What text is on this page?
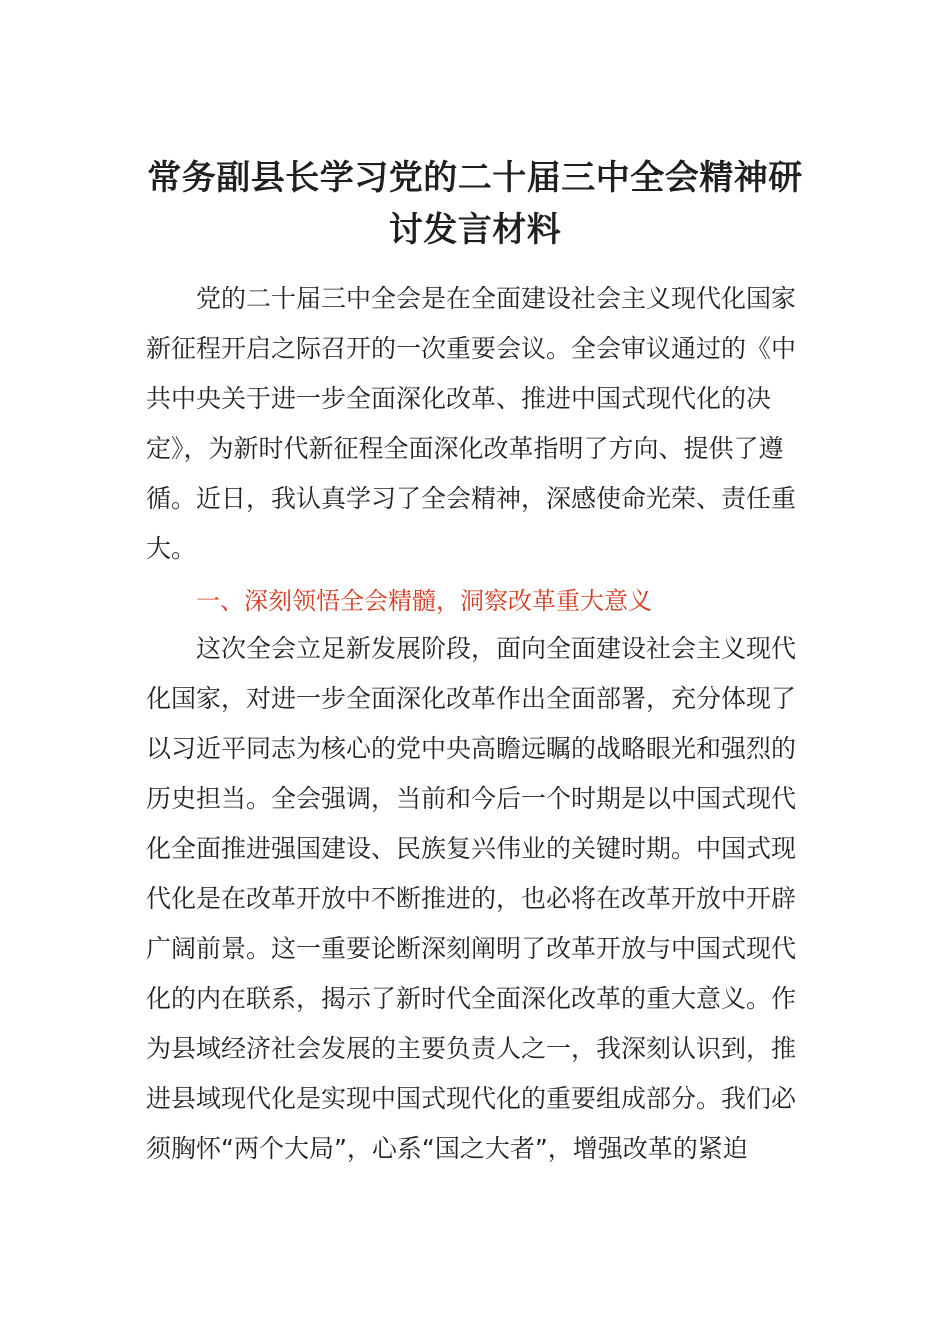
常务副县长学习党的二十届三中全会精神研
讨发言材料
党的二十届三中全会是在全面建设社会主义现代化国家
新征程开启之际召开的一次重要会议。全会审议通过的《中
共中央关于进一步全面深化改革、推进中国式现代化的决
定》，为新时代新征程全面深化改革指明了方向、提供了遵
循。近日，我认真学习了全会精神，深感使命光荣、责任重
大。
一、深刻领悟全会精髓，洞察改革重大意义
这次全会立足新发展阶段，面向全面建设社会主义现代
化国家，对进一步全面深化改革作出全面部署，充分体现了
以习近平同志为核心的党中央高瞻远瞩的战略眼光和强烈的
历史担当。全会强调，当前和今后一个时期是以中国式现代
化全面推进强国建设、民族复兴伟业的关键时期。中国式现
代化是在改革开放中不断推进的，也必将在改革开放中开辟
广阔前景。这一重要论断深刻阐明了改革开放与中国式现代
化的内在联系，揭示了新时代全面深化改革的重大意义。作
为县域经济社会发展的主要负责人之一，我深刻认识到，推
进县域现代化是实现中国式现代化的重要组成部分。我们必
须胸怀“两个大局”，心系“国之大者”，增强改革的紧迫
